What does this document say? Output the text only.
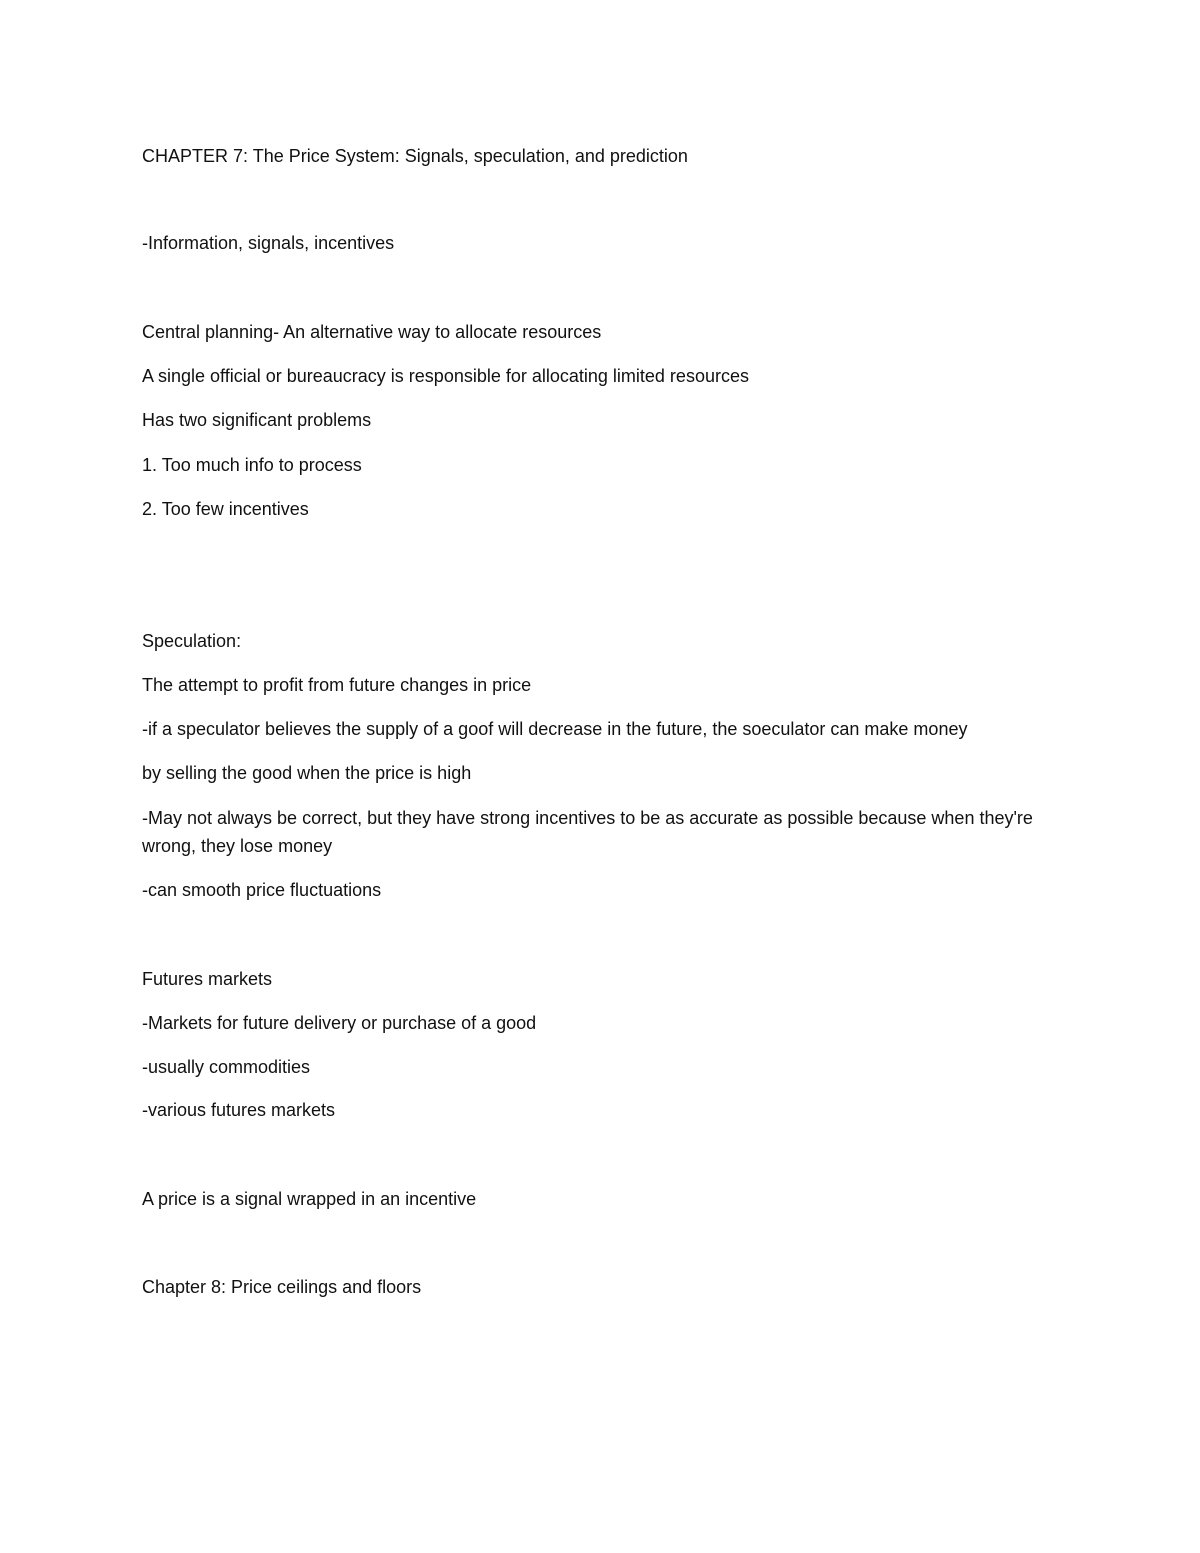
CHAPTER 7: The Price System: Signals, speculation, and prediction
-Information, signals, incentives
Central planning- An alternative way to allocate resources
A single official or bureaucracy is responsible for allocating limited resources
Has two significant problems
1. Too much info to process
2. Too few incentives
Speculation:
The attempt to profit from future changes in price
-if a speculator believes the supply of a goof will decrease in the future, the soeculator can make money
by selling the good when the price is high
-May not always be correct, but they have strong incentives to be as accurate as possible because when they're wrong, they lose money
-can smooth price fluctuations
Futures markets
-Markets for future delivery or purchase of a good
-usually commodities
-various futures markets
A price is a signal wrapped in an incentive
Chapter 8: Price ceilings and floors
